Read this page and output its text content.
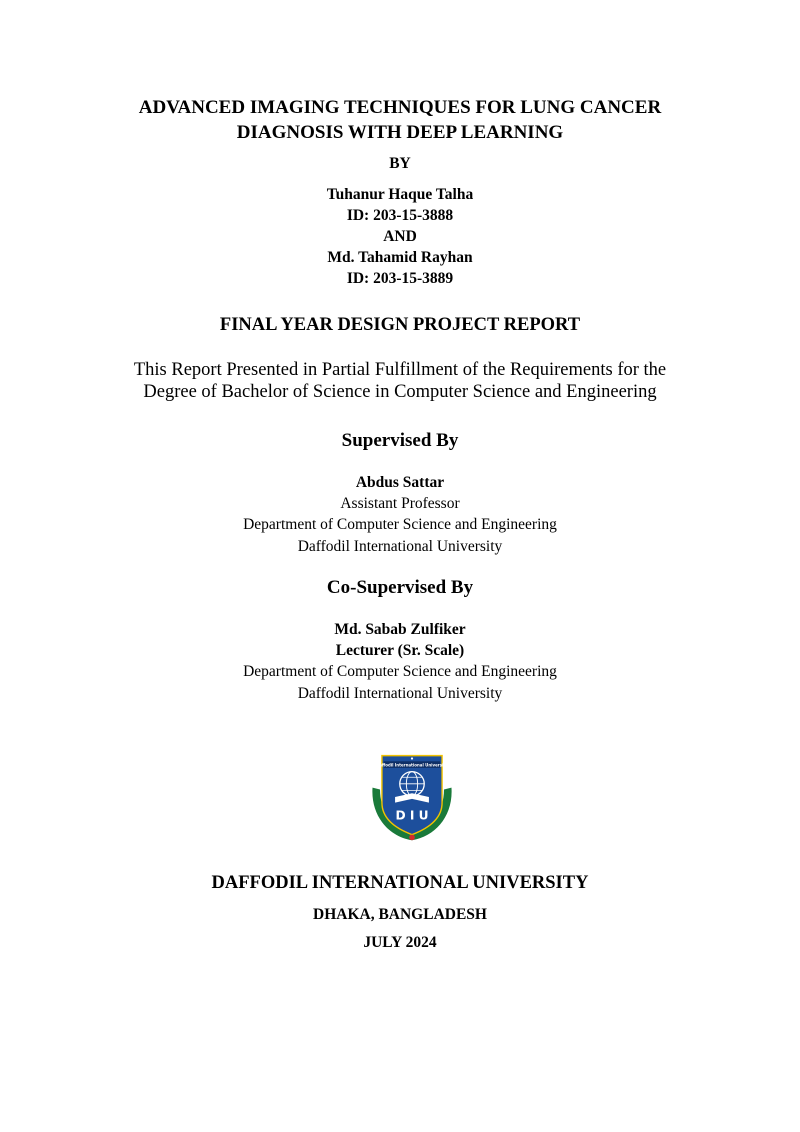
ADVANCED IMAGING TECHNIQUES FOR LUNG CANCER
DIAGNOSIS WITH DEEP LEARNING
BY
Tuhanur Haque Talha
ID: 203-15-3888
AND
Md. Tahamid Rayhan
ID: 203-15-3889
FINAL YEAR DESIGN PROJECT REPORT
This Report Presented in Partial Fulfillment of the Requirements for the
Degree of Bachelor of Science in Computer Science and Engineering
Supervised By
Abdus Sattar
Assistant Professor
Department of Computer Science and Engineering
Daffodil International University
Co-Supervised By
Md. Sabab Zulfiker
Lecturer (Sr. Scale)
Department of Computer Science and Engineering
Daffodil International University
Daffodil International University
D I U
DAFFODIL INTERNATIONAL UNIVERSITY
DHAKA, BANGLADESH
JULY 2024
